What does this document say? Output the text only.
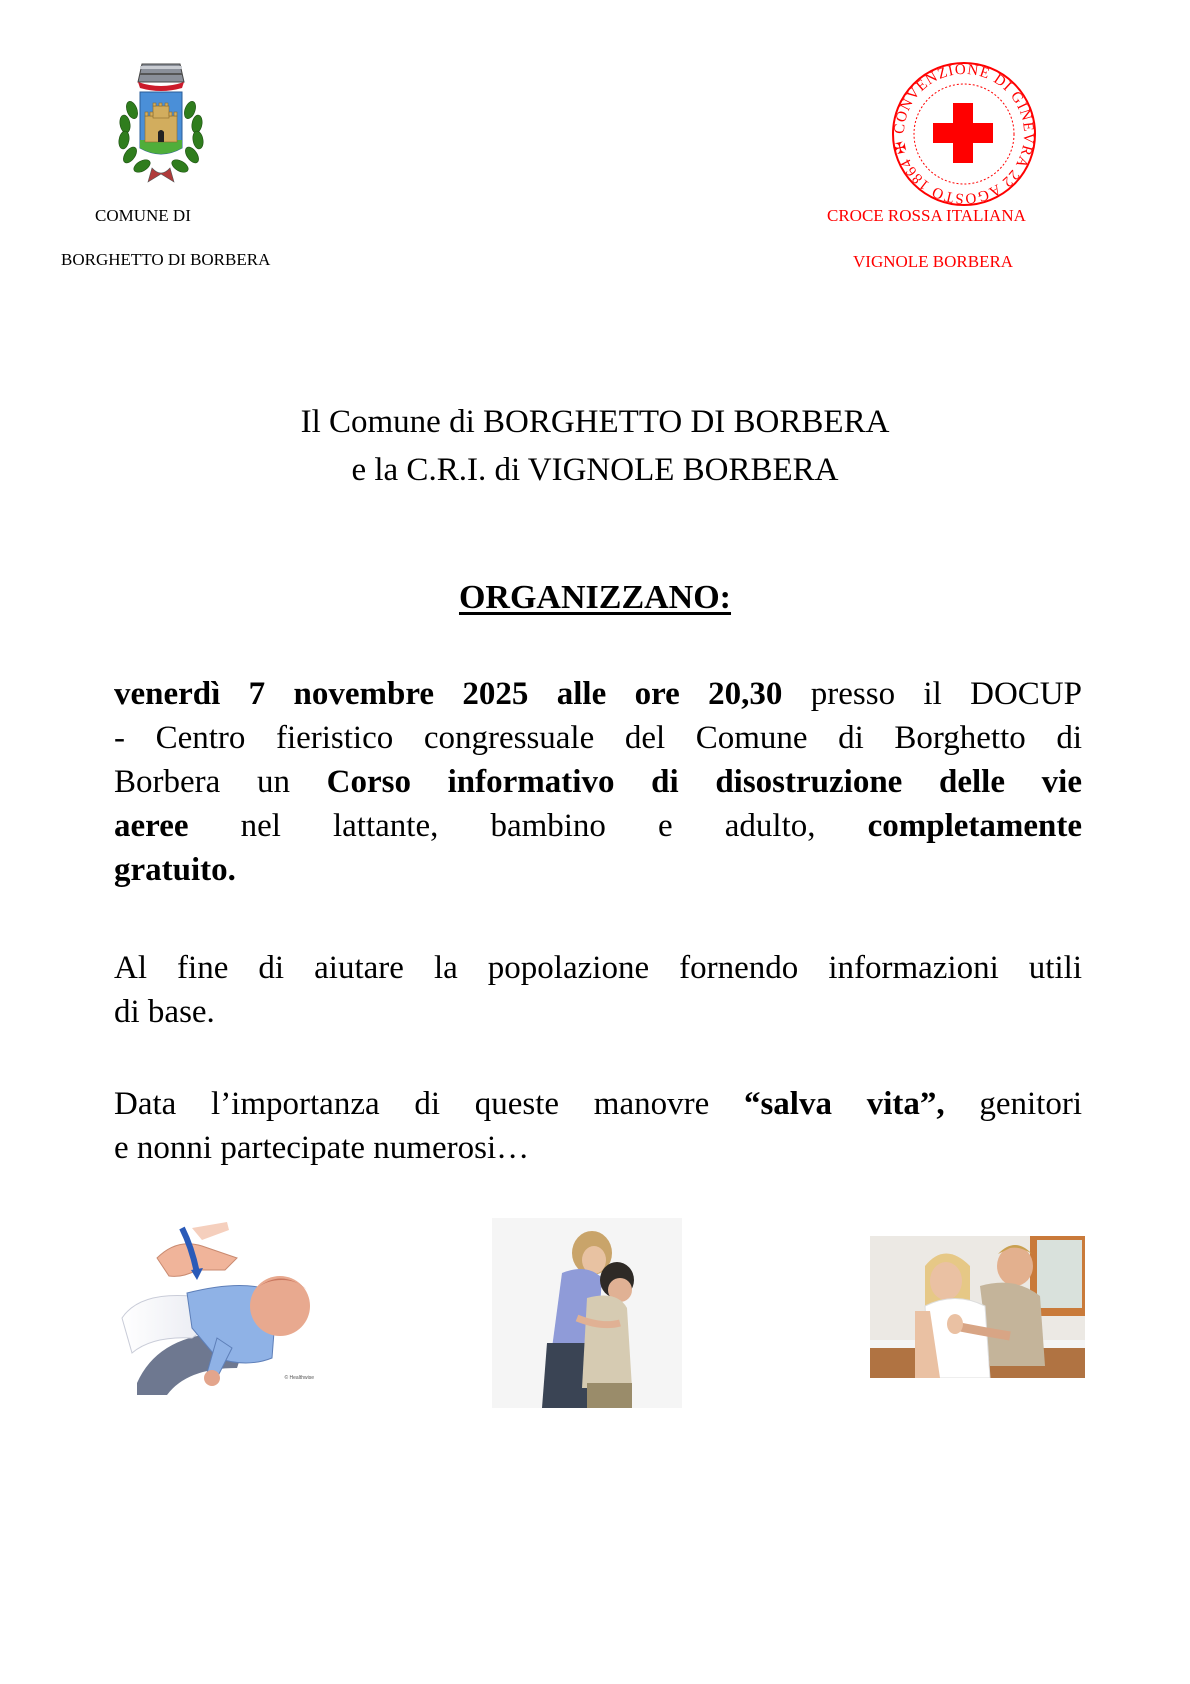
COMUNE DI
BORGHETTO DI BORBERA
CONVENZIONE DI GINEVRA 22 AGOSTO 1864 ✠
CROCE ROSSA ITALIANA
VIGNOLE BORBERA
Il Comune di BORGHETTO DI BORBERA
e la C.R.I. di VIGNOLE BORBERA
ORGANIZZANO:
venerdì 7 novembre 2025 alle ore 20,30 presso il DOCUP
- Centro fieristico congressuale del Comune di Borghetto di
Borbera un Corso informativo di disostruzione delle vie
aeree nel lattante, bambino e adulto, completamente
gratuito.
Al fine di aiutare la popolazione fornendo informazioni utili
di base.
Data l’importanza di queste manovre “salva vita”, genitori
e nonni partecipate numerosi…
© Healthwise
